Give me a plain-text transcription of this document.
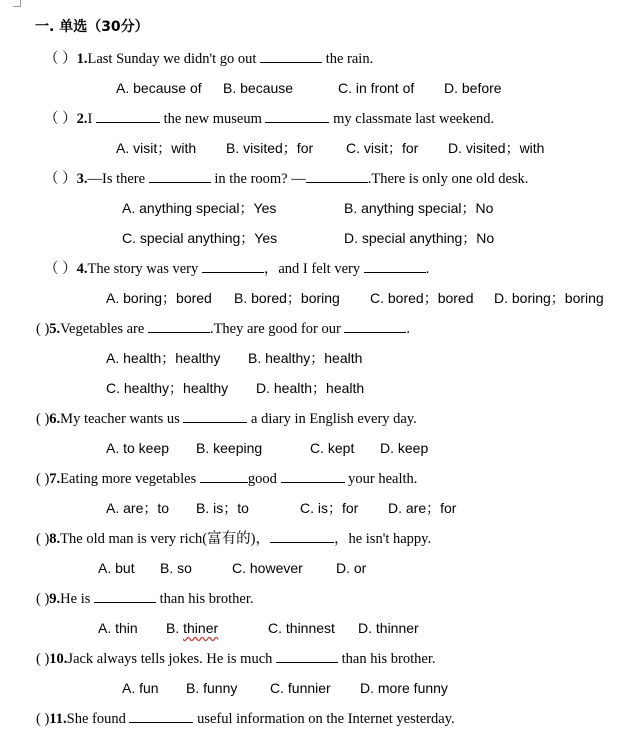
一. 单选（30分）
（ ）1.Last Sunday we didn't go out	the rain.
A. because of B. because	C. in front of D. before
（ ）2.I	the new museum	my classmate last weekend.
A. visit；with B. visited；for C. visit；for D. visited；with
（ ）3.—Is there	in the room? —	.There is only one old desk.
A. anything special；Yes	B. anything special；No
C. special anything；Yes	D. special anything；No
（ ）4.The story was very	，and I felt very	.
A. boring；bored B. bored；boring C. bored；bored D. boring；boring
( )5.Vegetables are	.They are good for our	.
A. health；healthy B. healthy；health
C. healthy；healthy D. health；health
( )6.My teacher wants us	a diary in English every day.
A. to keep B. keeping	C. kept D. keep
( )7.Eating more vegetables	good	your health.
A. are；to B. is；to	C. is；for D. are；for
( )8.The old man is very rich(富有的)，	，he isn't happy.
A. but B. so	C. however D. or
( )9.He is	than his brother.
A. thin B. thiner	C. thinnest D. thinner
( )10.Jack always tells jokes. He is much	than his brother.
A. fun B. funny C. funnier D. more funny
( )11.She found	useful information on the Internet yesterday.
